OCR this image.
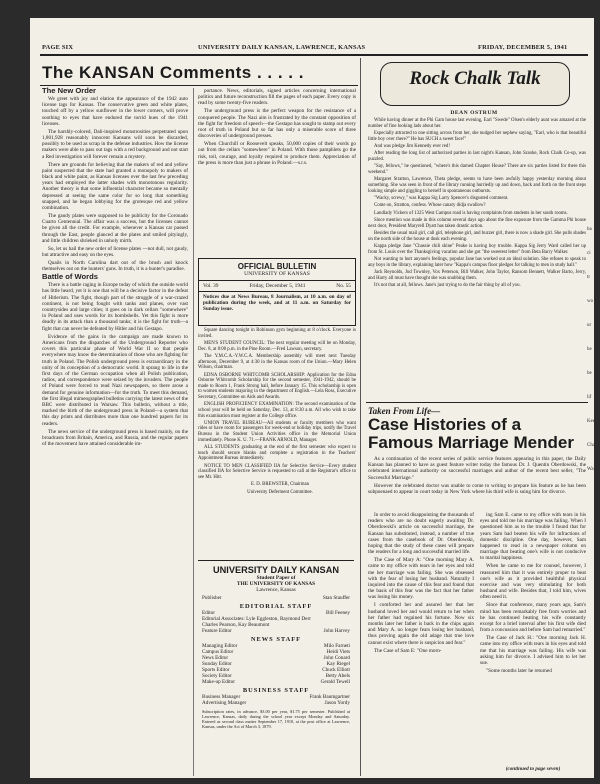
PAGE SIX	UNIVERSITY DAILY KANSAN, LAWRENCE, KANSAS	FRIDAY, DECEMBER 5, 1941
The KANSAN Comments . . . . .

The New Order

We greet with joy and elation the appearance of the 1942 auto license tags for Kansas. The conservative green and white plates, touched off by a yellow sunflower in the lower corners, will prove soothing to eyes that have endured the torrid hues of the 1941 licenses.

The harshly-colored, Dali-inspired monstrosities perpetrated upon 1,801,928 reasonably innocent Kansans will soon be discarded, possibly to be used as scrap in the defense industries. How the license makers were able to pass out tags with a red background and not start a Red investigation will forever remain a mystery.

There are grounds for believing that the makers of red and yellow paint suspected that the state had granted a monopoly to makers of black and white paint, as Kansas licenses over the last few preceding years had employed the latter shades with monotonous regularity. Another theory is that some influential character became so mentally depressed at seeing the same color for so long that something snapped, and he began lobbying for the grotesque red and yellow combination.

The gaudy plates were supposed to be publicity for the Coronado Cuarto Centennial. The affair was a success, but the licenses cannot be given all the credit. For example, whenever a Kansas car passed through the East, people glanced at the plates and smiled pityingly, and little children shrieked in unholy mirth.

So, let us hail the new order of license plates —not dull, not gaudy, but attractive and easy on the eyes.

Quails in North Carolina dart out of the brush and knock themselves out on the hunters' guns. In truth, it is a hunter's paradise.

Battle of Words

There is a battle raging in Europe today of which the outside world has little heard, yet it is one that will be a decisive factor in the defeat of Hitlerism. The fight, though part of the struggle of a war-crazed continent, is not being fought with tanks and planes, over vast countrysides and large cities; it goes on in dark cellars "somewhere" in Poland and uses words for its bombshells. Yet this fight is more deadly in its attack than a thousand tanks; it is the fight for truth—a fight that can never be defeated by Hitler and his Gestapo.

Evidence of the gains in the campaign are made known to Americans from the dispatches of the Underground Reporter who covers this particular phase of World War II so that people everywhere may know the determination of those who are fighting for truth in Poland. The Polish underground press is extraordinary in the unity of its conception of a democratic world. It sprang to life in the first days of the German occupation when all Polish publication, radios, and correspondence were seized by the invaders. The people of Poland were forced to read Nazi newspapers, so there arose a demand for genuine information—for the truth. To meet this demand, the first illegal mimeographed bulletins carrying the latest news of the BBC were distributed in Warsaw. This bulletin, without a title, marked the birth of the underground press in Poland—a system that this day prints and distributes more than one hundred papers for its readers.

The news service of the underground press is based mainly, on the broadcasts from Britain, America, and Russia, and the regular papers of the movement have attained considerable im-

portance. News, editorials, signed articles concerning international politics and future reconstruction fill the pages of each paper. Every copy is read by some twenty-five readers.

The underground press is the perfect weapon for the resistance of a conquered people. The Nazi aim is frustrated by the constant opposition of the fight for freedom of speech—the Gestapo has sought to stamp out every root of truth in Poland but so far has only a miserable score of three discoveries of underground presses.

When Churchill or Roosevelt speaks, 50,000 copies of their words go out from the cellars "somewhere" in Poland. With those pamphlets go the risk, toil, courage, and loyalty required to produce them. Appreciation of the press is more than just a phrase in Poland.—s.r.s.

OFFICIAL BULLETIN
UNIVERSITY OF KANSAS
Vol. 39	Friday, December 5, 1941	No. 55
Notices due at News Bureau, 8 Journalism, at 10 a.m. on day of publication during the week, and at 11 a.m. on Saturday for Sunday issue.

Square dancing tonight in Robinson gym beginning at 8 o'clock. Everyone is invited.

MEN'S STUDENT COUNCIL: The next regular meeting will be on Monday, Dec. 8, at 8:00 p.m. in the Pine Room.—Fred Lawson, secretary.

The Y.M.C.A.-Y.W.C.A. Membership assembly will meet next Tuesday afternoon, December 9, at 4:30 in the Kansas room of the Union.—Mary Helen Wilson, chairman.

EDNA OSBORNE WHITCOMB SCHOLARSHIP: Application for the Edna Osborne Whitcomb Scholarship for the second semester, 1941-1942, should be made to Room 1, Frank Strong hall, before January 15. This scholarship is open to women students majoring in the department of English.—Lela Ross, Executive Secretary, Committee on Aids and Awards.

ENGLISH PROFICIENCY EXAMINATION: The second examination of the school year will be held on Saturday, Dec. 13, at 8:30 a.m. All who wish to take this examination must register at the College office.

UNION TRAVEL BUREAU—All students or faculty members who want rides or have room for passengers for week-end or holiday trips, notify the Travel Bureau in the Student Union Activities office in the Memorial Union immediately. Phone K. U. 71.—FRANK ARNOLD, Manager.

ALL STUDENTS graduating at the end of the first semester who expect to teach should secure blanks and complete a registration in the Teachers' Appointment Bureau immediately.

NOTICE TO MEN CLASSIFIED IIA for Selective Service—Every student classified IIA for Selective Service is requested to call at the Registrar's office to see Mr. Hitt.

E. D. BREWSTER, Chairman

University Deferment Committee.

UNIVERSITY DAILY KANSAN
Student Paper of
THE UNIVERSITY OF KANSAS
Lawrence, Kansas
Publisher	Stan Stauffer
EDITORIAL STAFF
Editor	Bill Feeney
Editorial Associates: Lyle Eggleston, Raymond Derr
Charles Pearson, Kay Beaumont
Feature Editor	John Harvey
NEWS STAFF
Managing Editor	Milo Farneti
Campus Editor	Heidi Viets
News Editor	John Conard
Sunday Editor	Kay Riegel
Sports Editor	Chuck Elliott
Society Editor	Betty Abels
Make-up Editor	Gerald Tewell
BUSINESS STAFF
Business Manager	Frank Baumgartner
Advertising Manager	Jason Yordy
Subscription rates, in advance, $3.00 per year, $1.75 per semester. Published at Lawrence, Kansas, daily during the school year except Monday and Saturday. Entered as second class matter September 17, 1910, at the post office at Lawrence, Kansas, under the Act of March 3, 1879.
Rock Chalk Talk
DEAN OSTRUM

While having dinner at the Phi Gam house last evening, Earl "Swede" Olsen's elderly aunt was amazed at the number of fine looking lads about her.

Especially attracted to one sitting across from her, she nudged her nephew saying, "Earl, who is that beautiful little boy over there?" He has SUCH a sweet face!"

And was pledge Jim Kennedy ever red!

After reading the long list of authorized parties in last night's Kansan, John Szoske, Rock Chalk Co-op, was puzzled.

"Say, fellows," he questioned, "where's this darned Chapter House? There are six parties listed for there this weekend."

Margaret Stratton, Lawrence, Theta pledge, seems to have been awfully happy yesterday morning about something. She was seen in front of the library running hurriedly up and down, back and forth on the front steps looking simple and giggling to herself in spontaneous outbursts.

"Wacky, screwy," was Kappa Sig Larry Spencer's disgusted comment.

Come on, Stratton, confess. Whose canary didja swallow?

Landlady Vickers of 1325 West Campus road is having complaints from students in her south rooms.

Since mention was made in this column several days ago about the fine exposure from the Gamma Phi house next door, President Maryrell Dyatt has taken drastic action.

Besides the usual mail girl, call girl, telephone girl, and buzzer girl, there is now a shade girl. She pulls shades on the north side of the house at dusk each evening.

Kappa pledge Jane "Chassie chili shine" Peake is having boy trouble. Kappa Sig Jerry Ward called her up from St. Louis over the Thanksgiving vacation and she got "the sweetest letter" from Beta Barry Walker.

Not wanting to hurt anyone's feelings, popular Jane has worked out an ideal solution. She refuses to speak to any boys in the library, explaining later how "Kappa's campus floor pledges for talking to men in study hall."

Jack Reynolds, Jud Townley, Vox Peterson, Bill Walker, John Taylor, Ransom Bennett, Walker Barto, Jerry, and Harry all must have thought she was snubbing them.

It's not that at all, fellows. Jane's just trying to do the fair thing by all of you.

Taken From Life—
Case Histories of a
Famous Marriage Mender

As a continuation of the recent series of public service features appearing in this paper, the Daily Kansan has planned to have as guest feature writer today the famous Dr. J. Quentin Oberdowski, the celebrated international authority on successful marriages and author of the recent best seller, "The Successful Marriage."

However the celebrated doctor was unable to come to writing to prepare his feature as he has been subpoenaed to appear in court today in New York where his third wife is suing him for divorce.

In order to avoid disappointing the thousands of readers who are no doubt eagerly awaiting Dr. Oberdowski's article on successful marriage, the Kansan has substituted, instead, a number of true cases from the casebook of Dr. Oberdowski, hoping that the study of these cases will prepare the readers for a long and successful married life.

The Case of Mary A: "One morning Mary A. came to my office with tears in her eyes and told me her marriage was failing. She was obsessed with the fear of losing her husband. Naturally I inquired into the cause of this fear and found that the basis of this fear was the fact that her father was losing his money.

I comforted her and assured her that her husband loved her and would return to her when her father had regained his fortune. Now six months later her father is back in the chips again and Mary A. no longer fears losing her husband, thus proving again the old adage that true love cannot exist where there is suspicion and fear."

The Case of Sam E: "One morn-

ing Sam E. came to my office with tears in his eyes and told me his marriage was failing. When I questioned him as to the trouble I found that for years Sam had beaten his wife for infractions of domestic discipline. One day, however, Sam happened to read in a newspaper column on marriage that beating one's wife is not conducive to marital happiness.

When he came to me for counsel, however, I reassured him that it was entirely proper to beat one's wife as it provided healthful physical exercise and was very stimulating for both husband and wife. Besides that, I told him, wives often need it.

Since that conference, many years ago, Sam's mind has been remarkably free from worries and he has continued beating his wife constantly except for a brief interval after his first wife died from a concussion and before Sam had remarried."

The Case of Jack H.: "One morning Jack H. came into my office with tears in his eyes and told me that his marriage was failing. His wife was asking him for divorce. I advised him to let her sue.

"Some months later he returned

(continued to page seven)
ba
ci
tr
wo
ur
he
be
lif
Kee
Cha
Wa
